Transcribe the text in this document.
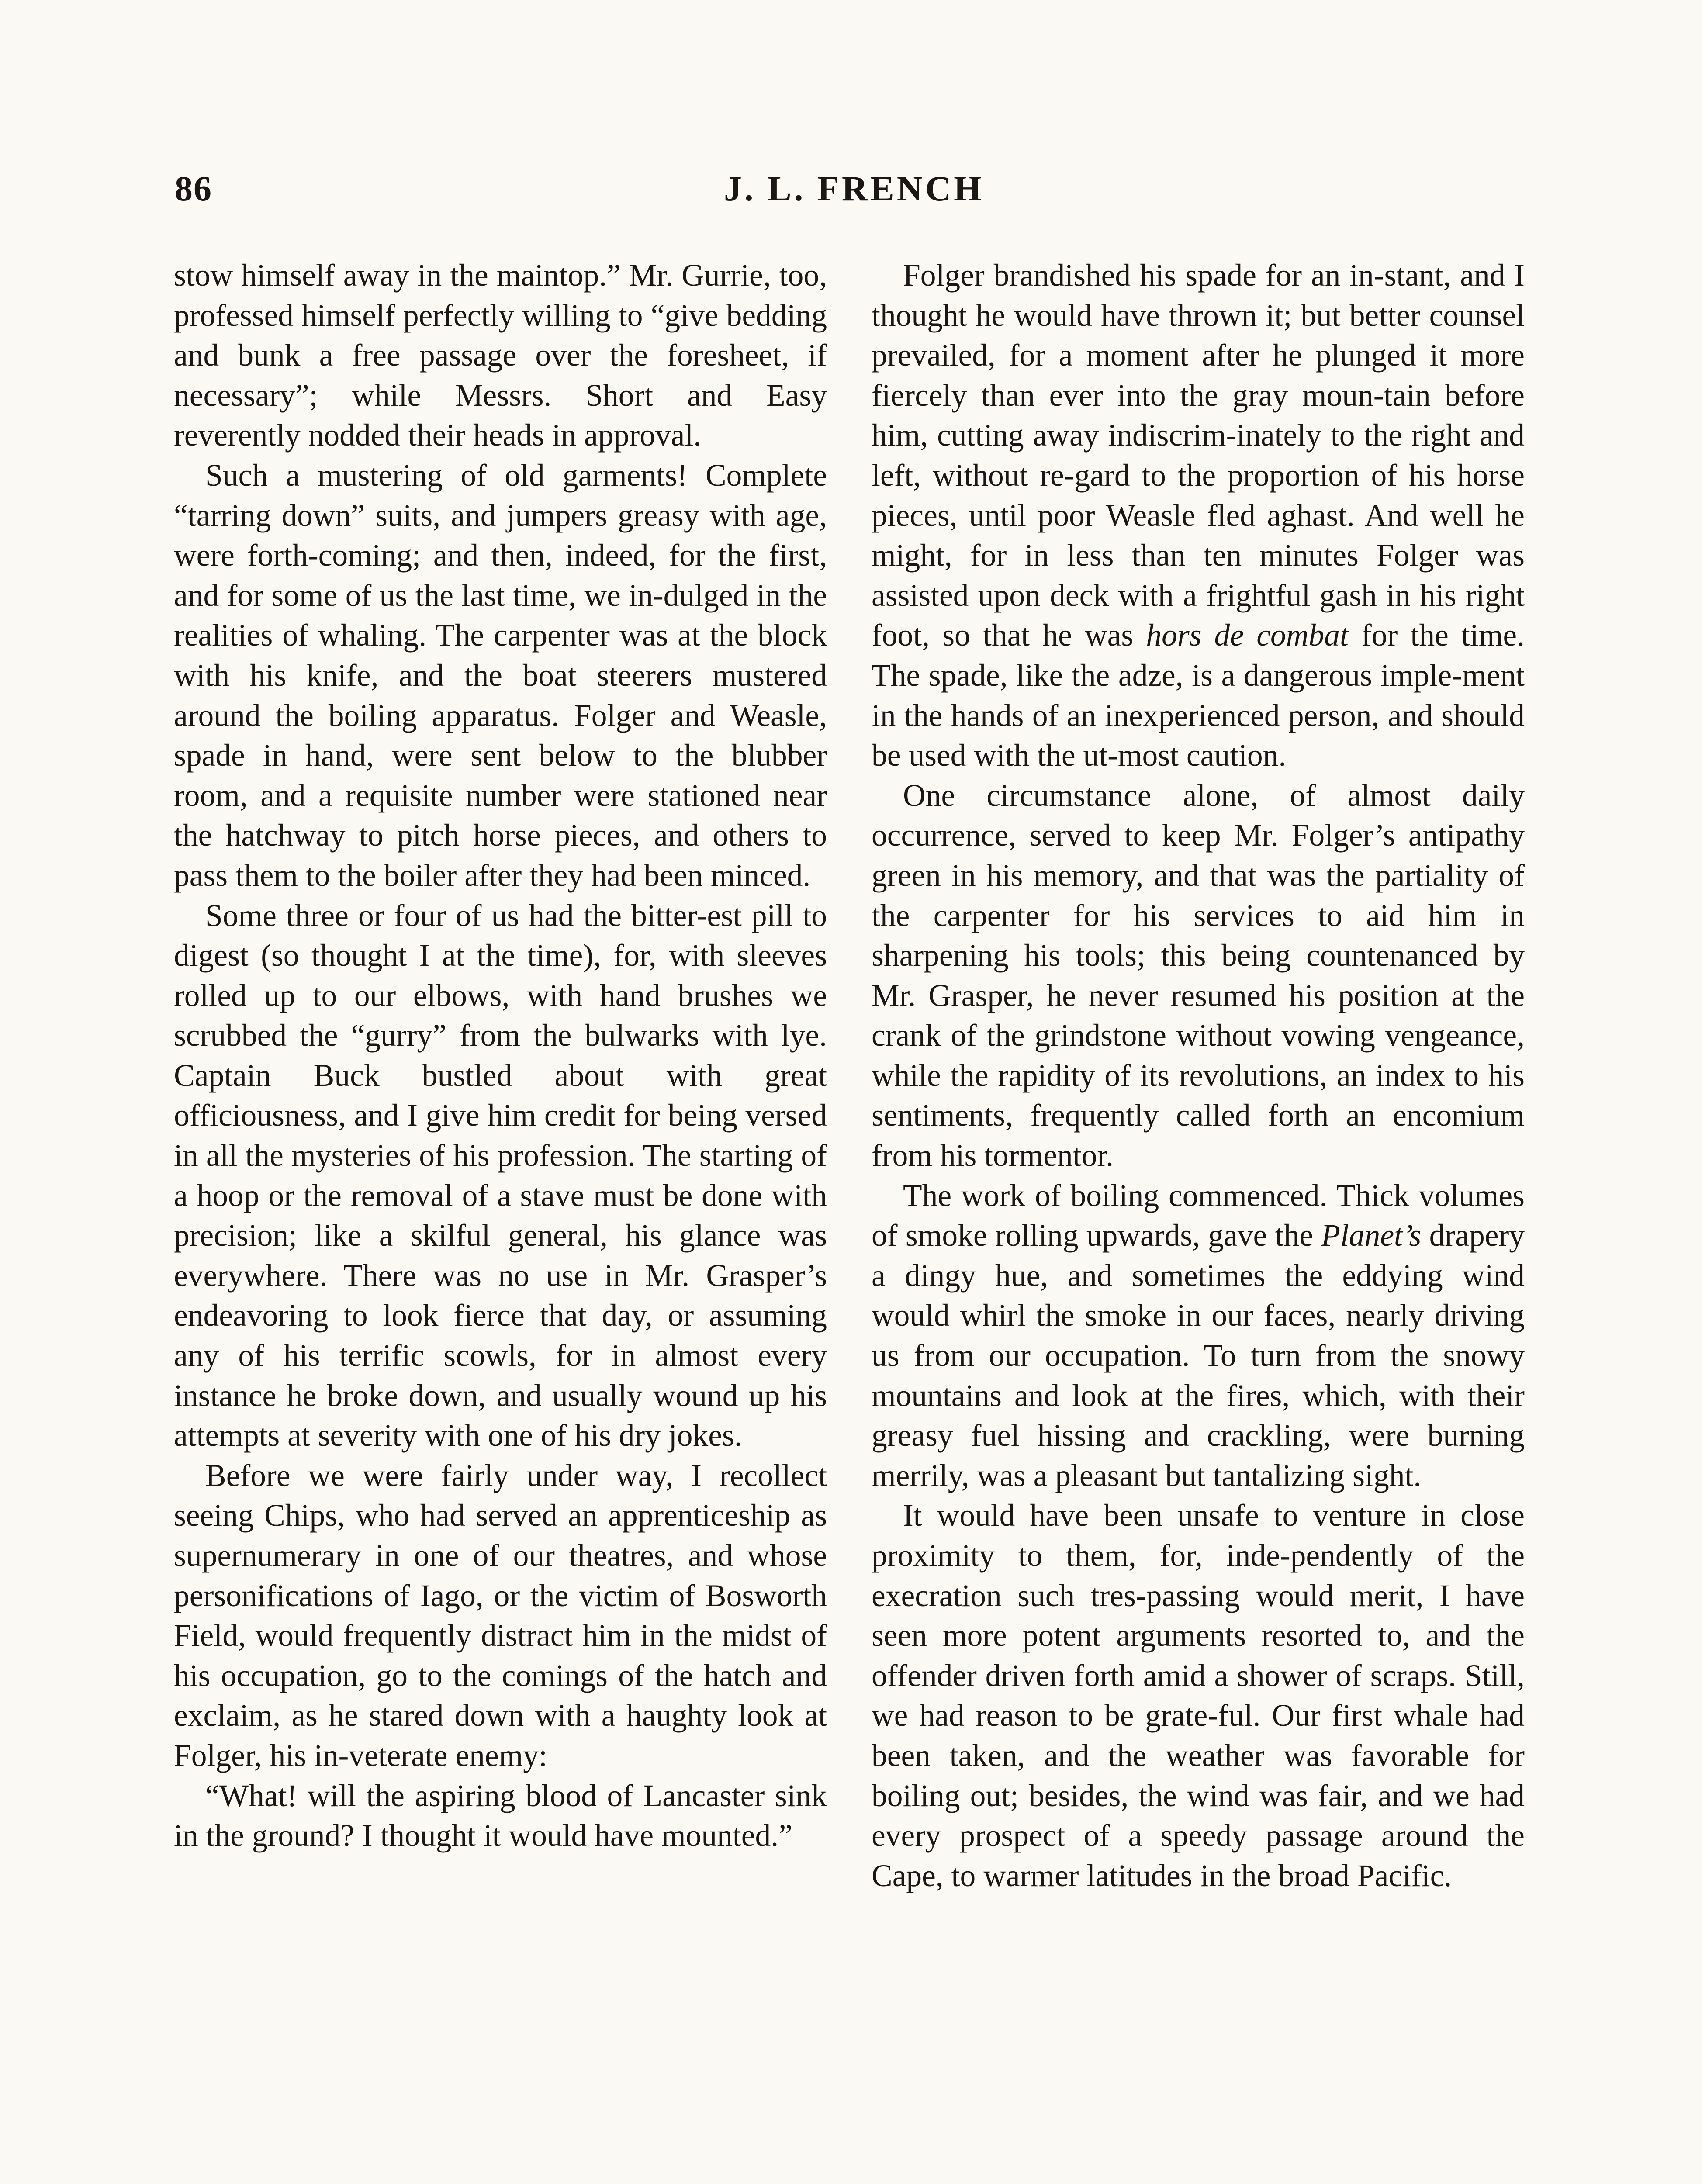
86	J. L. FRENCH

stow himself away in the maintop.” Mr. Gurrie, too, professed himself perfectly willing to “give bedding and bunk a free passage over the foresheet, if necessary”; while Messrs. Short and Easy reverently nodded their heads in approval.

Such a mustering of old garments! Complete “tarring down” suits, and jumpers greasy with age, were forth-coming; and then, indeed, for the first, and for some of us the last time, we in-dulged in the realities of whaling. The carpenter was at the block with his knife, and the boat steerers mustered around the boiling apparatus. Folger and Weasle, spade in hand, were sent below to the blubber room, and a requisite number were stationed near the hatchway to pitch horse pieces, and others to pass them to the boiler after they had been minced.

Some three or four of us had the bitter-est pill to digest (so thought I at the time), for, with sleeves rolled up to our elbows, with hand brushes we scrubbed the “gurry” from the bulwarks with lye. Captain Buck bustled about with great officiousness, and I give him credit for being versed in all the mysteries of his profession. The starting of a hoop or the removal of a stave must be done with precision; like a skilful general, his glance was everywhere. There was no use in Mr. Grasper’s endeavoring to look fierce that day, or assuming any of his terrific scowls, for in almost every instance he broke down, and usually wound up his attempts at severity with one of his dry jokes.

Before we were fairly under way, I recollect seeing Chips, who had served an apprenticeship as supernumerary in one of our theatres, and whose personifications of Iago, or the victim of Bosworth Field, would frequently distract him in the midst of his occupation, go to the comings of the hatch and exclaim, as he stared down with a haughty look at Folger, his in-veterate enemy:

“What! will the aspiring blood of Lancaster sink in the ground? I thought it would have mounted.”

Folger brandished his spade for an in-stant, and I thought he would have thrown it; but better counsel prevailed, for a moment after he plunged it more fiercely than ever into the gray moun-tain before him, cutting away indiscrim-inately to the right and left, without re-gard to the proportion of his horse pieces, until poor Weasle fled aghast. And well he might, for in less than ten minutes Folger was assisted upon deck with a frightful gash in his right foot, so that he was hors de combat for the time. The spade, like the adze, is a dangerous imple-ment in the hands of an inexperienced person, and should be used with the ut-most caution.

One circumstance alone, of almost daily occurrence, served to keep Mr. Folger’s antipathy green in his memory, and that was the partiality of the carpenter for his services to aid him in sharpening his tools; this being countenanced by Mr. Grasper, he never resumed his position at the crank of the grindstone without vowing vengeance, while the rapidity of its revolutions, an index to his sentiments, frequently called forth an encomium from his tormentor.

The work of boiling commenced. Thick volumes of smoke rolling upwards, gave the Planet’s drapery a dingy hue, and sometimes the eddying wind would whirl the smoke in our faces, nearly driving us from our occupation. To turn from the snowy mountains and look at the fires, which, with their greasy fuel hissing and crackling, were burning merrily, was a pleasant but tantalizing sight.

It would have been unsafe to venture in close proximity to them, for, inde-pendently of the execration such tres-passing would merit, I have seen more potent arguments resorted to, and the offender driven forth amid a shower of scraps. Still, we had reason to be grate-ful. Our first whale had been taken, and the weather was favorable for boiling out; besides, the wind was fair, and we had every prospect of a speedy passage around the Cape, to warmer latitudes in the broad Pacific.
